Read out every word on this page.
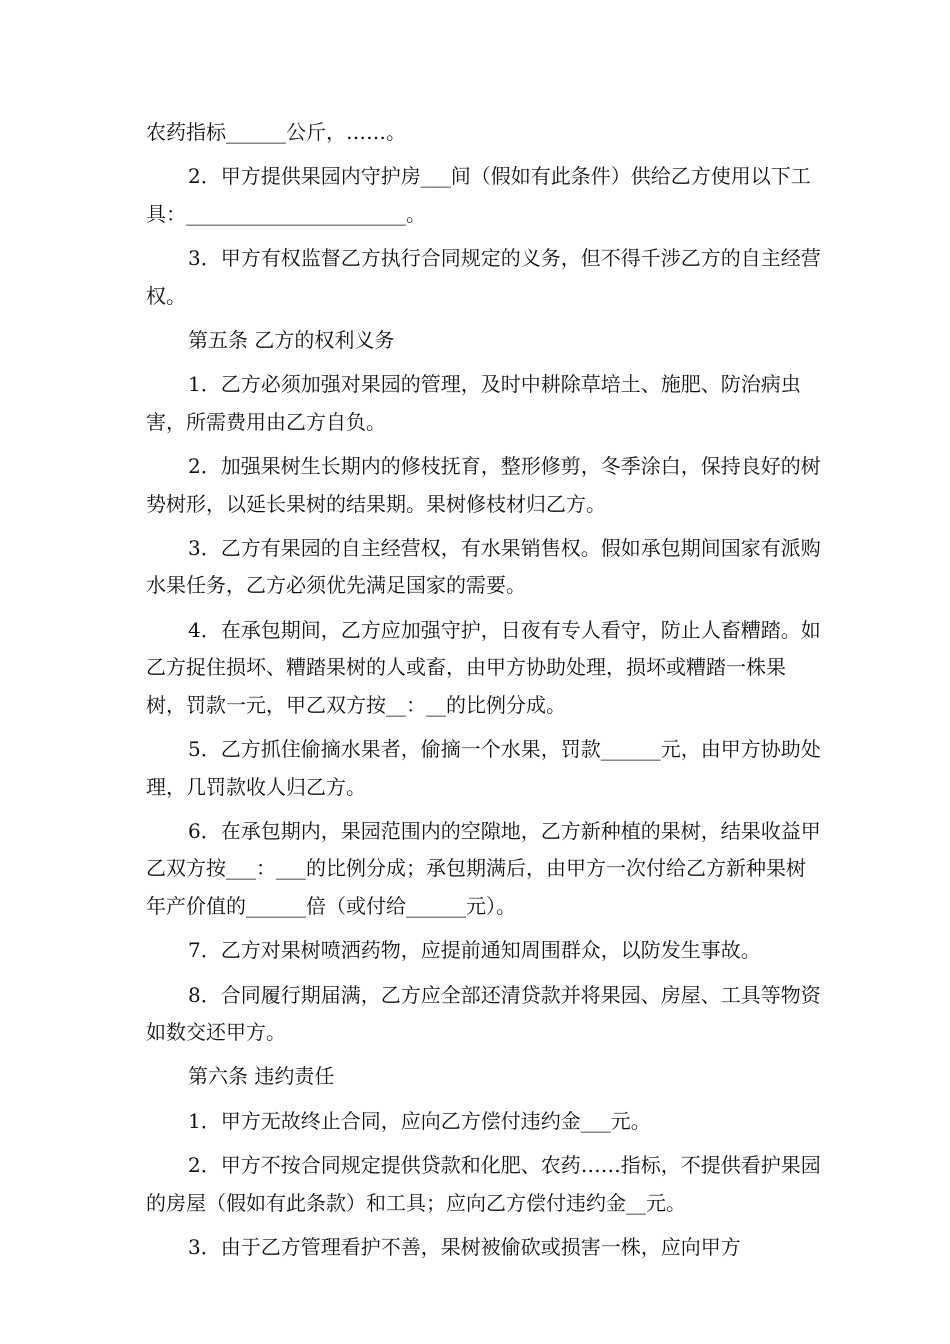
农药指标______公斤，……。

2．甲方提供果园内守护房___间（假如有此条件）供给乙方使用以下工具：______________________。

3．甲方有权监督乙方执行合同规定的义务，但不得千涉乙方的自主经营权。

第五条 乙方的权利义务

1．乙方必须加强对果园的管理，及时中耕除草培土、施肥、防治病虫害，所需费用由乙方自负。

2．加强果树生长期内的修枝抚育，整形修剪，冬季涂白，保持良好的树势树形，以延长果树的结果期。果树修枝材归乙方。

3．乙方有果园的自主经营权，有水果销售权。假如承包期间国家有派购水果任务，乙方必须优先满足国家的需要。

4．在承包期间，乙方应加强守护，日夜有专人看守，防止人畜糟踏。如乙方捉住损坏、糟踏果树的人或畜，由甲方协助处理，损坏或糟踏一株果树，罚款一元，甲乙双方按__：__的比例分成。

5．乙方抓住偷摘水果者，偷摘一个水果，罚款______元，由甲方协助处理，几罚款收人归乙方。

6．在承包期内，果园范围内的空隙地，乙方新种植的果树，结果收益甲乙双方按___：___的比例分成；承包期满后，由甲方一次付给乙方新种果树年产价值的______倍（或付给______元）。

7．乙方对果树喷洒药物，应提前通知周围群众，以防发生事故。

8．合同履行期届满，乙方应全部还清贷款并将果园、房屋、工具等物资如数交还甲方。

第六条 违约责任

1．甲方无故终止合同，应向乙方偿付违约金___元。

2．甲方不按合同规定提供贷款和化肥、农药……指标，不提供看护果园的房屋（假如有此条款）和工具；应向乙方偿付违约金__元。

3．由于乙方管理看护不善，果树被偷砍或损害一株，应向甲方
